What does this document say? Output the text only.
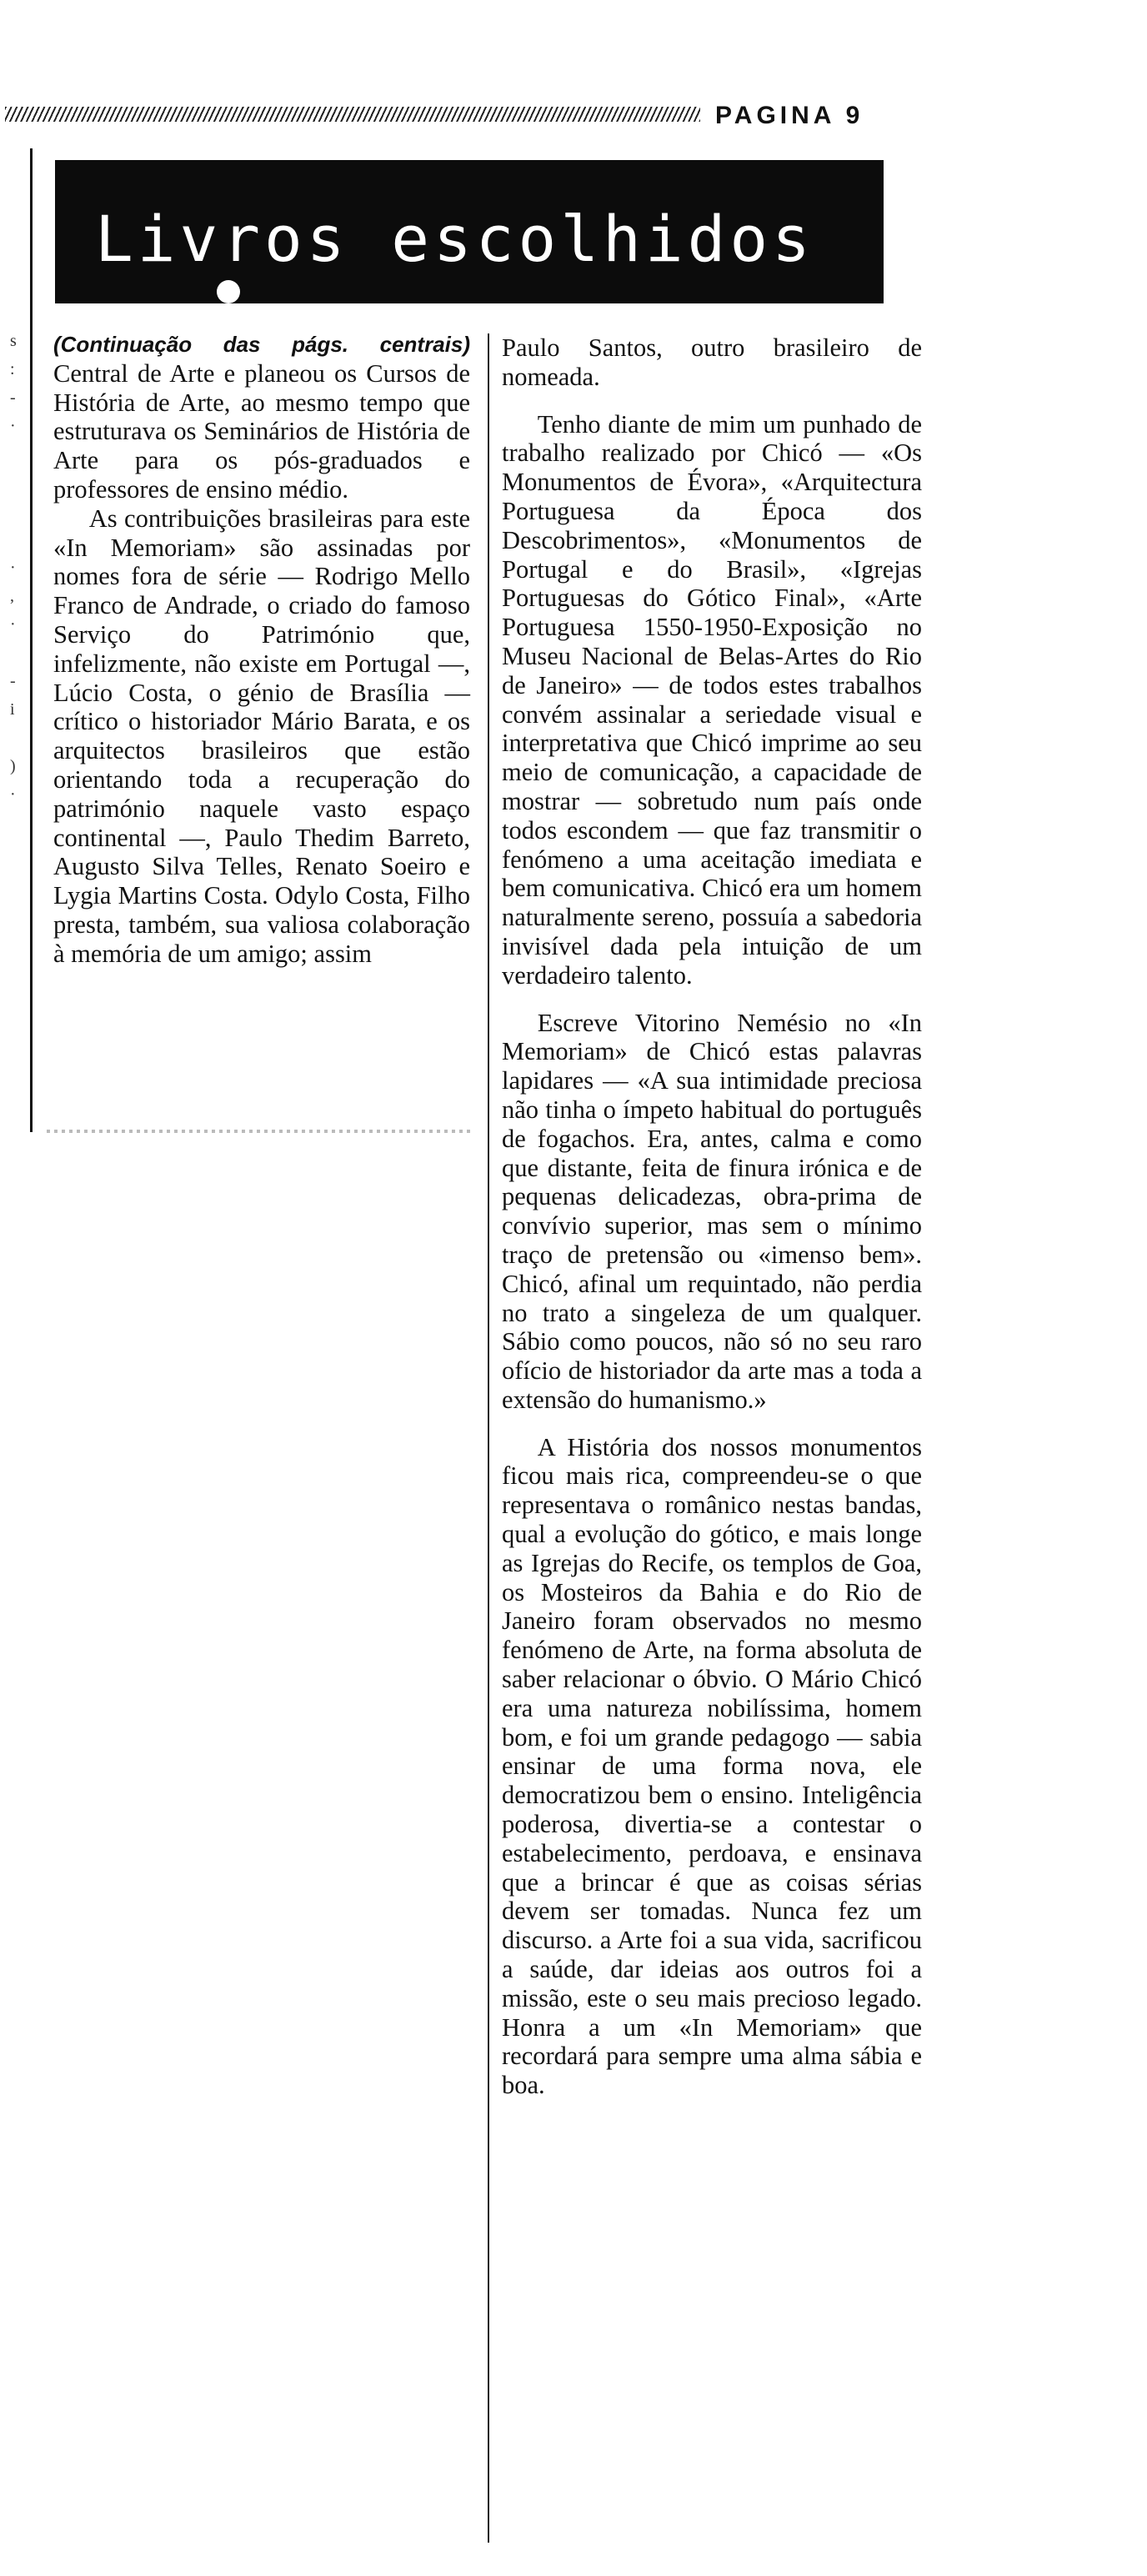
PAGINA 9
Livros escolhidos
s
:
-
·

·
,
·

-
i

)
·

(Continuação das págs. centrais) Central de Arte e planeou os Cursos de História de Arte, ao mesmo tempo que estruturava os Seminários de História de Arte para os pós-graduados e professores de ensino médio.

As contribuições brasileiras para este «In Memoriam» são assinadas por nomes fora de série — Rodrigo Mello Franco de Andrade, o criado do famoso Serviço do Património que, infelizmente, não existe em Portugal —, Lúcio Costa, o génio de Brasília — crítico o historiador Mário Barata, e os arquitectos brasileiros que estão orientando toda a recuperação do património naquele vasto espaço continental —, Paulo Thedim Barreto, Augusto Silva Telles, Renato Soeiro e Lygia Martins Costa. Odylo Costa, Filho presta, também, sua valiosa colaboração à memória de um amigo; assim

Paulo Santos, outro brasileiro de nomeada.

Tenho diante de mim um punhado de trabalho realizado por Chicó — «Os Monumentos de Évora», «Arquitectura Portuguesa da Época dos Descobrimentos», «Monumentos de Portugal e do Brasil», «Igrejas Portuguesas do Gótico Final», «Arte Portuguesa 1550-1950-Exposição no Museu Nacional de Belas-Artes do Rio de Janeiro» — de todos estes trabalhos convém assinalar a seriedade visual e interpretativa que Chicó imprime ao seu meio de comunicação, a capacidade de mostrar — sobretudo num país onde todos escondem — que faz transmitir o fenómeno a uma aceitação imediata e bem comunicativa. Chicó era um homem naturalmente sereno, possuía a sabedoria invisível dada pela intuição de um verdadeiro talento.

Escreve Vitorino Nemésio no «In Memoriam» de Chicó estas palavras lapidares — «A sua intimidade preciosa não tinha o ímpeto habitual do português de fogachos. Era, antes, calma e como que distante, feita de finura irónica e de pequenas delicadezas, obra-prima de convívio superior, mas sem o mínimo traço de pretensão ou «imenso bem». Chicó, afinal um requintado, não perdia no trato a singeleza de um qualquer. Sábio como poucos, não só no seu raro ofício de historiador da arte mas a toda a extensão do humanismo.»

A História dos nossos monumentos ficou mais rica, compreendeu-se o que representava o românico nestas bandas, qual a evolução do gótico, e mais longe as Igrejas do Recife, os templos de Goa, os Mosteiros da Bahia e do Rio de Janeiro foram observados no mesmo fenómeno de Arte, na forma absoluta de saber relacionar o óbvio. O Mário Chicó era uma natureza nobilíssima, homem bom, e foi um grande pedagogo — sabia ensinar de uma forma nova, ele democratizou bem o ensino. Inteligência poderosa, divertia-se a contestar o estabelecimento, perdoava, e ensinava que a brincar é que as coisas sérias devem ser tomadas. Nunca fez um discurso. a Arte foi a sua vida, sacrificou a saúde, dar ideias aos outros foi a missão, este o seu mais precioso legado. Honra a um «In Memoriam» que recordará para sempre uma alma sábia e boa.
